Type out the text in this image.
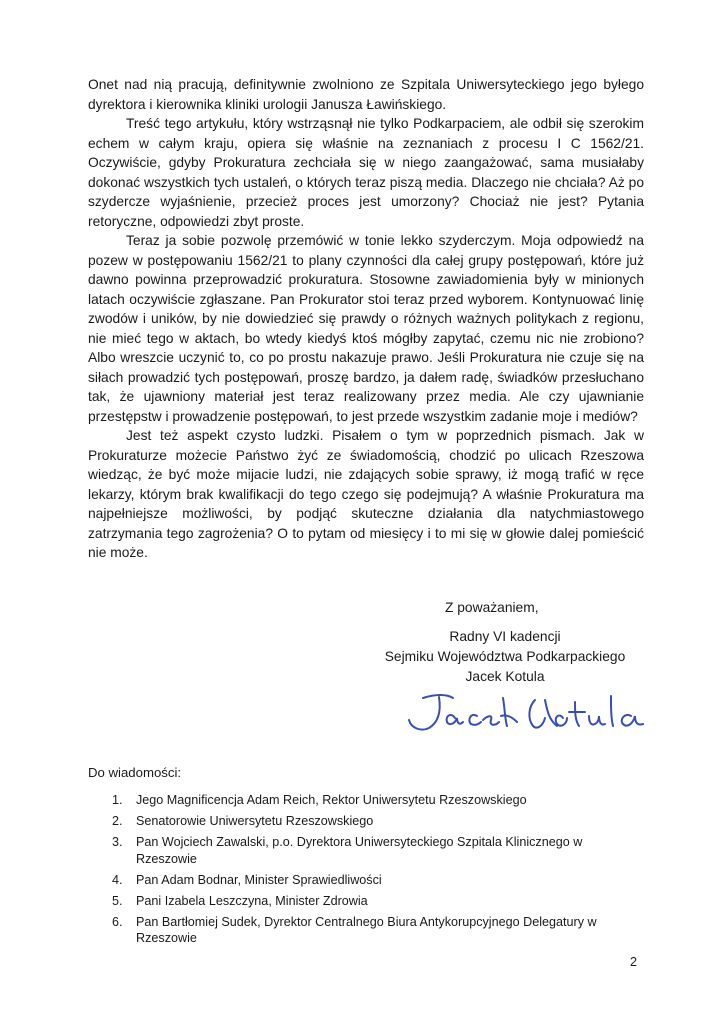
Onet nad nią pracują, definitywnie zwolniono ze Szpitala Uniwersyteckiego jego byłego dyrektora i kierownika kliniki urologii Janusza Ławińskiego.

Treść tego artykułu, który wstrząsnął nie tylko Podkarpaciem, ale odbił się szerokim echem w całym kraju, opiera się właśnie na zeznaniach z procesu I C 1562/21. Oczywiście, gdyby Prokuratura zechciała się w niego zaangażować, sama musiałaby dokonać wszystkich tych ustaleń, o których teraz piszą media. Dlaczego nie chciała? Aż po szydercze wyjaśnienie, przecież proces jest umorzony? Chociaż nie jest? Pytania retoryczne, odpowiedzi zbyt proste.

Teraz ja sobie pozwolę przemówić w tonie lekko szyderczym. Moja odpowiedź na pozew w postępowaniu 1562/21 to plany czynności dla całej grupy postępowań, które już dawno powinna przeprowadzić prokuratura. Stosowne zawiadomienia były w minionych latach oczywiście zgłaszane. Pan Prokurator stoi teraz przed wyborem. Kontynuować linię zwodów i uników, by nie dowiedzieć się prawdy o różnych ważnych politykach z regionu, nie mieć tego w aktach, bo wtedy kiedyś ktoś mógłby zapytać, czemu nic nie zrobiono? Albo wreszcie uczynić to, co po prostu nakazuje prawo. Jeśli Prokuratura nie czuje się na siłach prowadzić tych postępowań, proszę bardzo, ja dałem radę, świadków przesłuchano tak, że ujawniony materiał jest teraz realizowany przez media. Ale czy ujawnianie przestępstw i prowadzenie postępowań, to jest przede wszystkim zadanie moje i mediów?

Jest też aspekt czysto ludzki. Pisałem o tym w poprzednich pismach. Jak w Prokuraturze możecie Państwo żyć ze świadomością, chodzić po ulicach Rzeszowa wiedząc, że być może mijacie ludzi, nie zdających sobie sprawy, iż mogą trafić w ręce lekarzy, którym brak kwalifikacji do tego czego się podejmują? A właśnie Prokuratura ma najpełniejsze możliwości, by podjąć skuteczne działania dla natychmiastowego zatrzymania tego zagrożenia? O to pytam od miesięcy i to mi się w głowie dalej pomieścić nie może.

Z poważaniem,
Radny VI kadencji
Sejmiku Województwa Podkarpackiego
Jacek Kotula
Do wiadomości:
1.	Jego Magnificencja Adam Reich, Rektor Uniwersytetu Rzeszowskiego
2.	Senatorowie Uniwersytetu Rzeszowskiego
3.	Pan Wojciech Zawalski, p.o. Dyrektora Uniwersyteckiego Szpitala Klinicznego w Rzeszowie
4.	Pan Adam Bodnar, Minister Sprawiedliwości
5.	Pani Izabela Leszczyna, Minister Zdrowia
6.	Pan Bartłomiej Sudek, Dyrektor Centralnego Biura Antykorupcyjnego Delegatury w Rzeszowie
2
